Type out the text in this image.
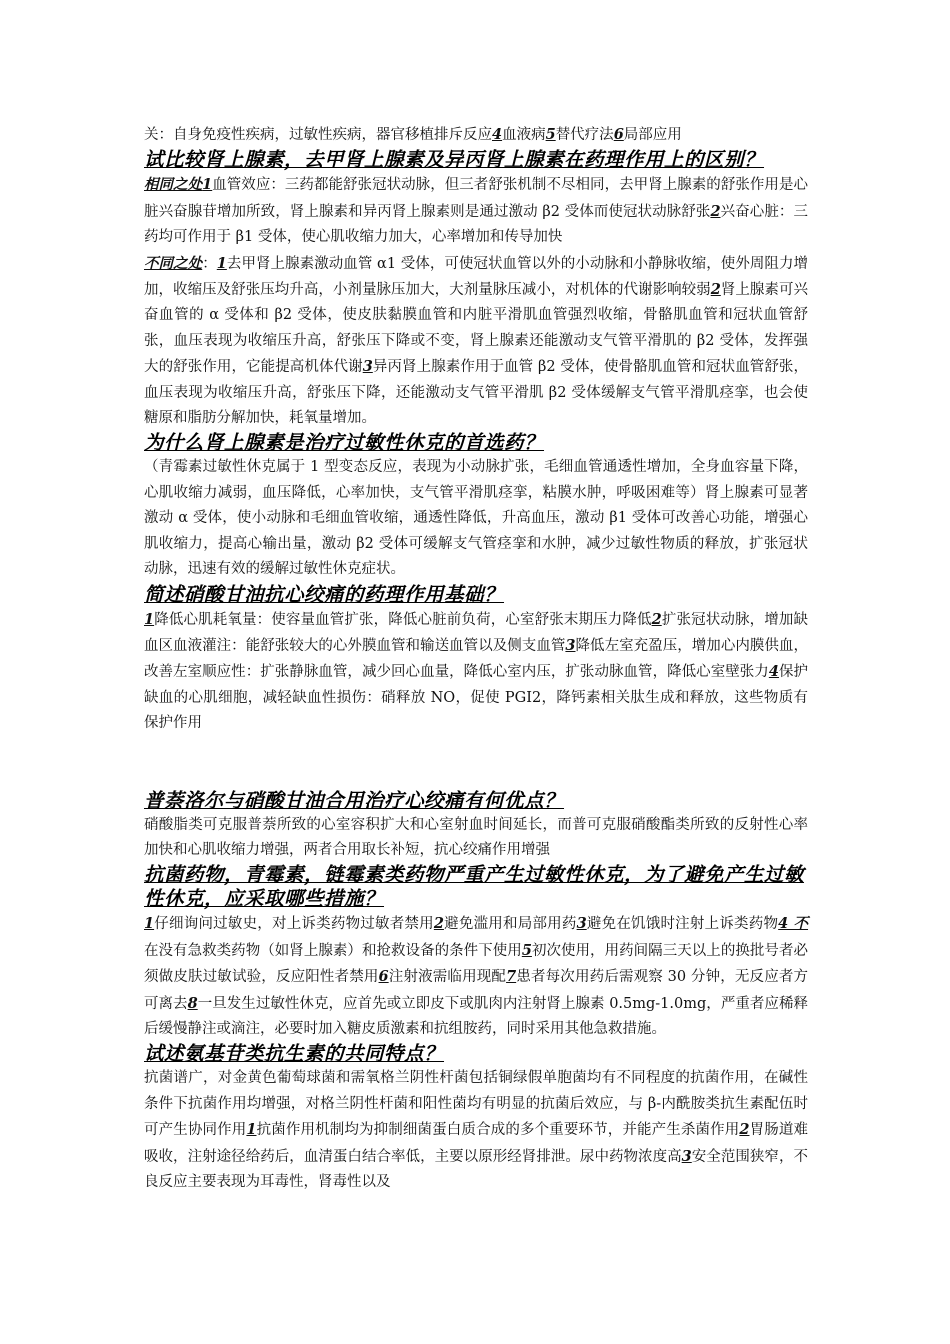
关：自身免疫性疾病，过敏性疾病，器官移植排斥反应4血液病5替代疗法6局部应用

试比较肾上腺素，去甲肾上腺素及异丙肾上腺素在药理作用上的区别？

相同之处1血管效应：三药都能舒张冠状动脉，但三者舒张机制不尽相同，去甲肾上腺素的舒张作用是心脏兴奋腺苷增加所致，肾上腺素和异丙肾上腺素则是通过激动 β2 受体而使冠状动脉舒张2兴奋心脏：三药均可作用于 β1 受体，使心肌收缩力加大，心率增加和传导加快
不同之处：1去甲肾上腺素激动血管 α1 受体，可使冠状血管以外的小动脉和小静脉收缩，使外周阻力增加，收缩压及舒张压均升高，小剂量脉压加大，大剂量脉压减小，对机体的代谢影响较弱2肾上腺素可兴奋血管的 α 受体和 β2 受体，使皮肤黏膜血管和内脏平滑肌血管强烈收缩，骨骼肌血管和冠状血管舒张，血压表现为收缩压升高，舒张压下降或不变，肾上腺素还能激动支气管平滑肌的 β2 受体，发挥强大的舒张作用，它能提高机体代谢3异丙肾上腺素作用于血管 β2 受体，使骨骼肌血管和冠状血管舒张，血压表现为收缩压升高，舒张压下降，还能激动支气管平滑肌 β2 受体缓解支气管平滑肌痉挛，也会使糖原和脂肪分解加快，耗氧量增加。

为什么肾上腺素是治疗过敏性休克的首选药？

（青霉素过敏性休克属于 1 型变态反应，表现为小动脉扩张，毛细血管通透性增加，全身血容量下降，心肌收缩力减弱，血压降低，心率加快，支气管平滑肌痉挛，粘膜水肿，呼吸困难等）肾上腺素可显著激动 α 受体，使小动脉和毛细血管收缩，通透性降低，升高血压，激动 β1 受体可改善心功能，增强心肌收缩力，提高心输出量，激动 β2 受体可缓解支气管痉挛和水肿，减少过敏性物质的释放，扩张冠状动脉，迅速有效的缓解过敏性休克症状。

简述硝酸甘油抗心绞痛的药理作用基础？

1降低心肌耗氧量：使容量血管扩张，降低心脏前负荷，心室舒张末期压力降低2扩张冠状动脉，增加缺血区血液灌注：能舒张较大的心外膜血管和输送血管以及侧支血管3降低左室充盈压，增加心内膜供血，改善左室顺应性：扩张静脉血管，减少回心血量，降低心室内压，扩张动脉血管，降低心室壁张力4保护缺血的心肌细胞，减轻缺血性损伤：硝释放 NO，促使 PGI2，降钙素相关肽生成和释放，这些物质有保护作用

普萘洛尔与硝酸甘油合用治疗心绞痛有何优点？

硝酸脂类可克服普萘所致的心室容积扩大和心室射血时间延长，而普可克服硝酸酯类所致的反射性心率加快和心肌收缩力增强，两者合用取长补短，抗心绞痛作用增强

抗菌药物，青霉素，链霉素类药物严重产生过敏性休克，为了避免产生过敏性休克，应采取哪些措施？

1仔细询问过敏史，对上诉类药物过敏者禁用2避免滥用和局部用药3避免在饥饿时注射上诉类药物4 不在没有急救类药物（如肾上腺素）和抢救设备的条件下使用5初次使用，用药间隔三天以上的换批号者必须做皮肤过敏试验，反应阳性者禁用6注射液需临用现配7患者每次用药后需观察 30 分钟，无反应者方可离去8一旦发生过敏性休克，应首先或立即皮下或肌肉内注射肾上腺素 0.5mg-1.0mg，严重者应稀释后缓慢静注或滴注，必要时加入糖皮质激素和抗组胺药，同时采用其他急救措施。

试述氨基苷类抗生素的共同特点？

抗菌谱广，对金黄色葡萄球菌和需氧格兰阴性杆菌包括铜绿假单胞菌均有不同程度的抗菌作用，在碱性条件下抗菌作用均增强，对格兰阴性杆菌和阳性菌均有明显的抗菌后效应，与 β-内酰胺类抗生素配伍时可产生协同作用1抗菌作用机制均为抑制细菌蛋白质合成的多个重要环节，并能产生杀菌作用2胃肠道难吸收，注射途径给药后，血清蛋白结合率低，主要以原形经肾排泄。尿中药物浓度高3安全范围狭窄，不良反应主要表现为耳毒性，肾毒性以及
